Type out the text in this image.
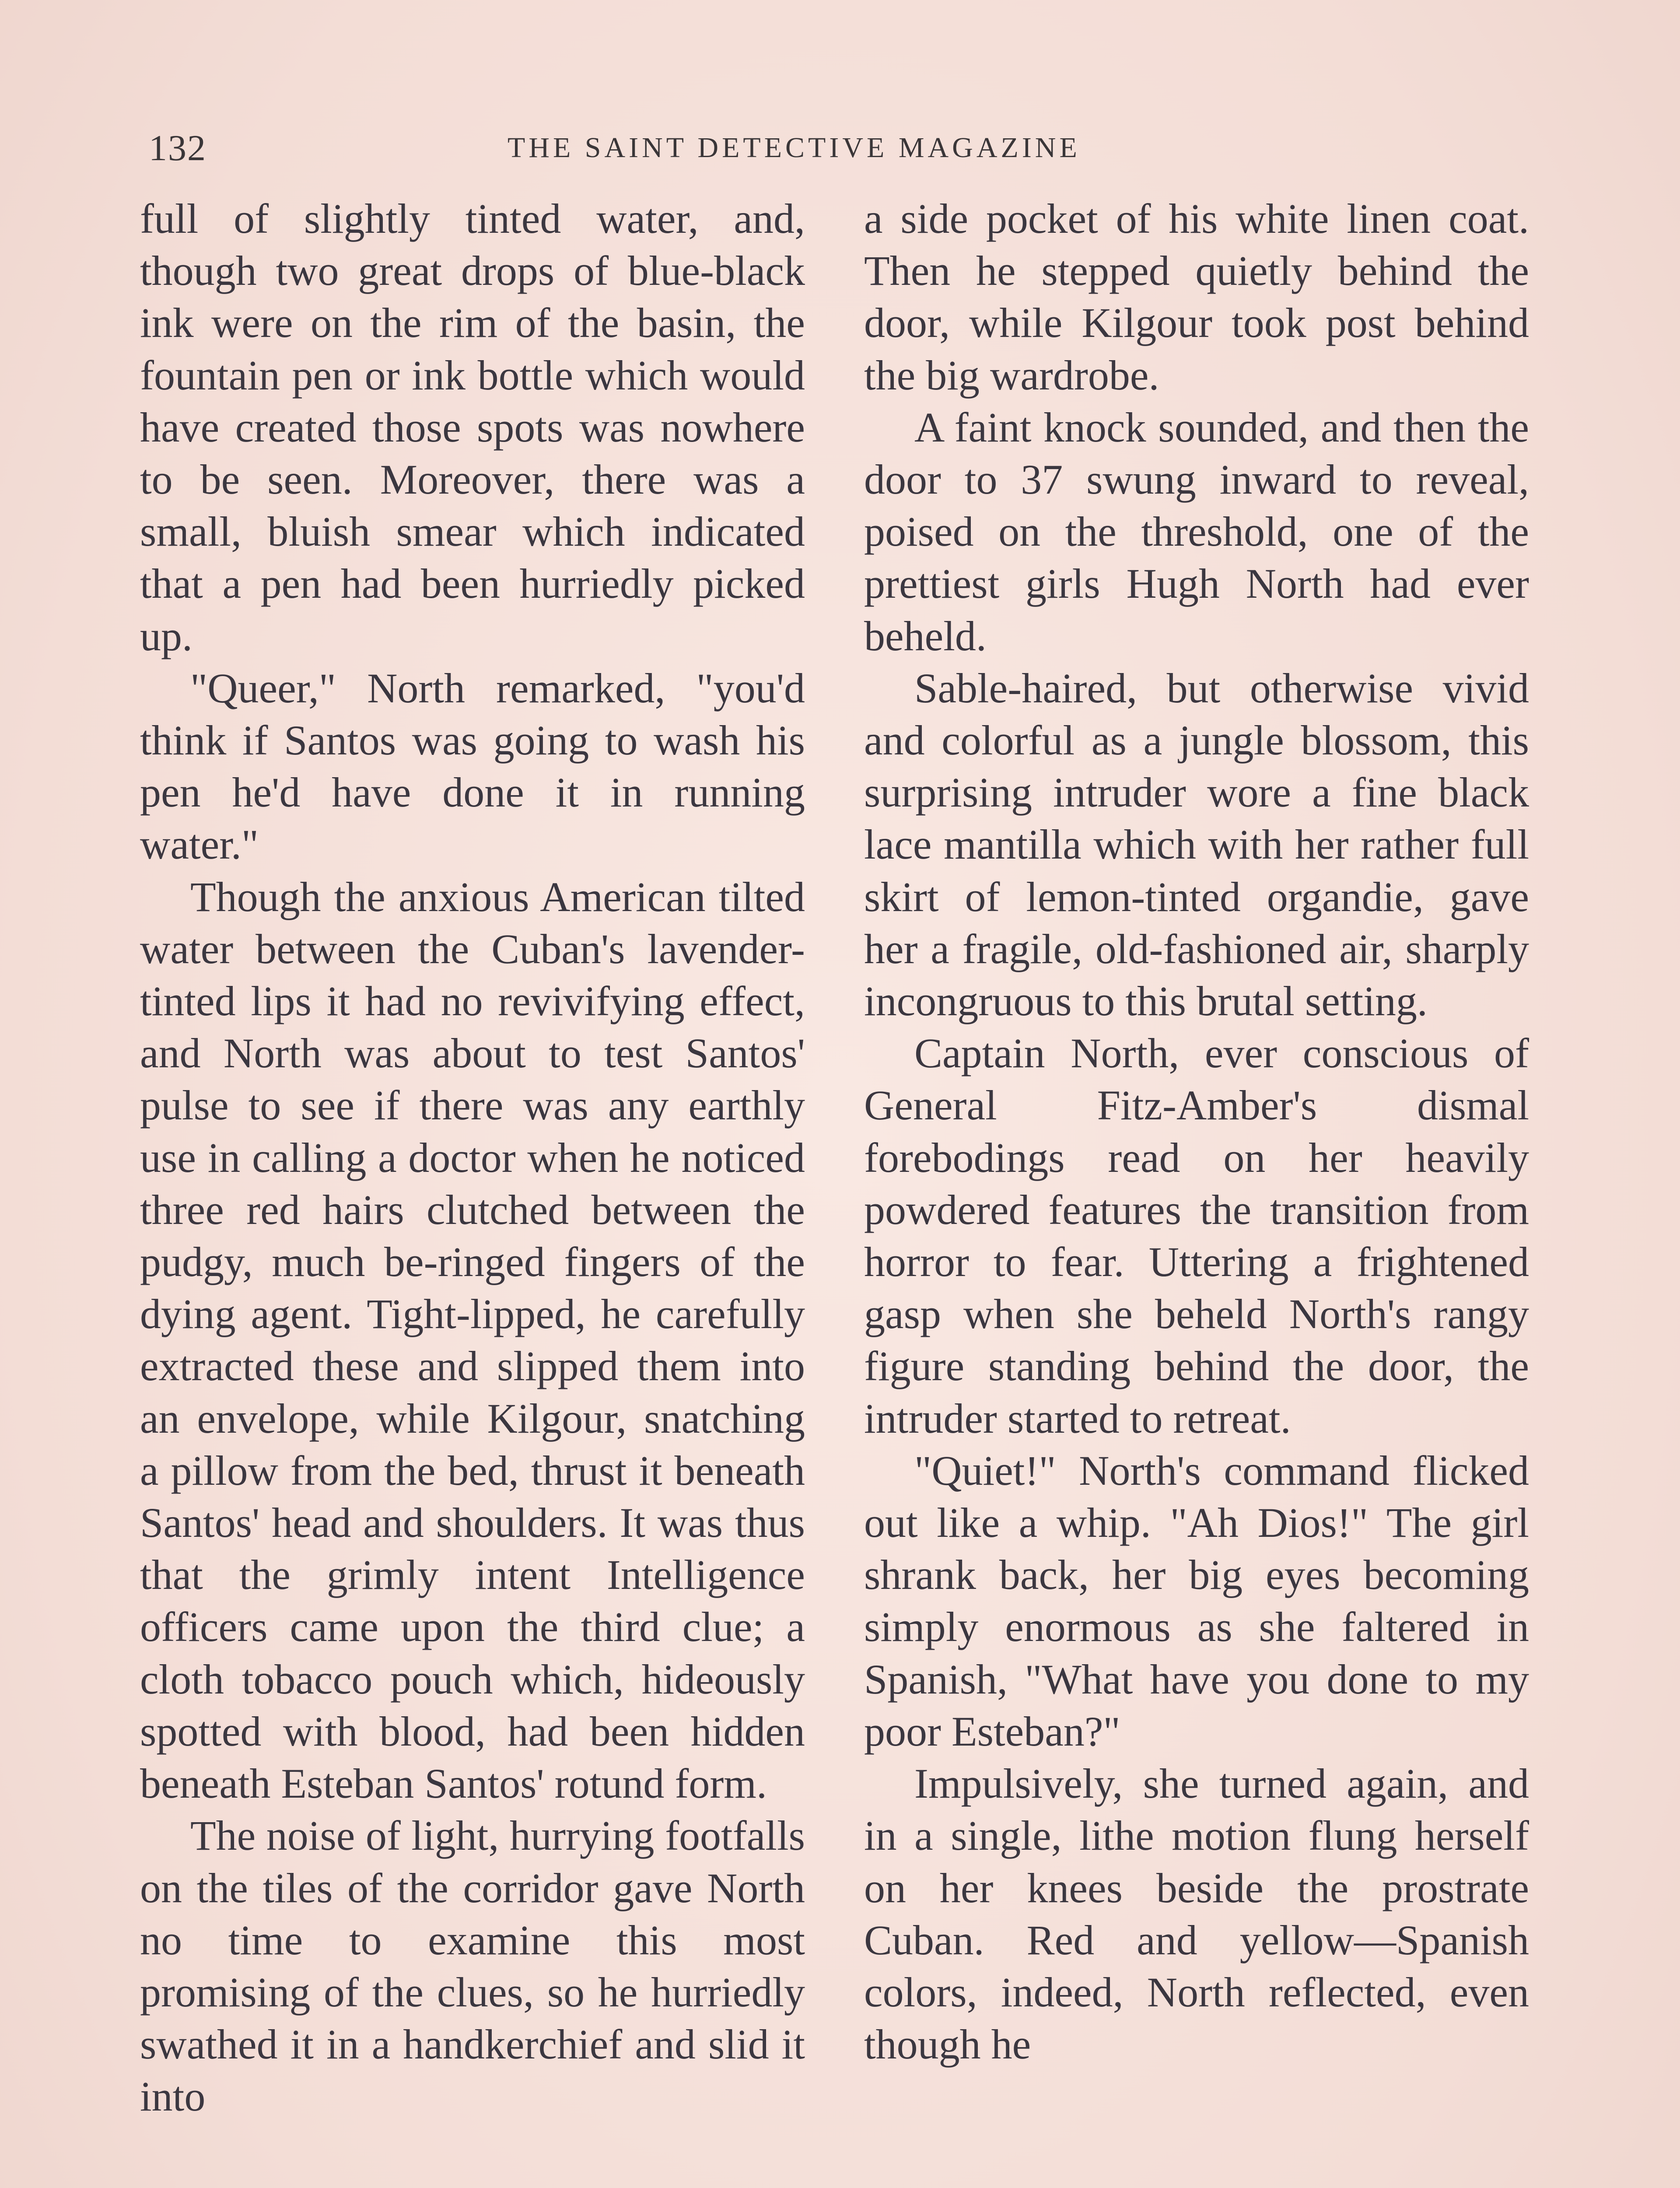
132	THE SAINT DETECTIVE MAGAZINE

full of slightly tinted water, and, though two great drops of blue-black ink were on the rim of the basin, the fountain pen or ink bottle which would have created those spots was nowhere to be seen. Moreover, there was a small, bluish smear which indicated that a pen had been hurriedly picked up.

"Queer," North remarked, "you'd think if Santos was going to wash his pen he'd have done it in running water."

Though the anxious American tilted water between the Cuban's lavender-tinted lips it had no revivifying effect, and North was about to test Santos' pulse to see if there was any earthly use in calling a doctor when he noticed three red hairs clutched between the pudgy, much be-ringed fingers of the dying agent. Tight-lipped, he carefully extracted these and slipped them into an envelope, while Kilgour, snatching a pillow from the bed, thrust it beneath Santos' head and shoulders. It was thus that the grimly intent Intelligence officers came upon the third clue; a cloth tobacco pouch which, hideously spotted with blood, had been hidden beneath Esteban Santos' rotund form.

The noise of light, hurrying footfalls on the tiles of the corridor gave North no time to examine this most promising of the clues, so he hurriedly swathed it in a handkerchief and slid it into

a side pocket of his white linen coat. Then he stepped quietly behind the door, while Kilgour took post behind the big wardrobe.

A faint knock sounded, and then the door to 37 swung inward to reveal, poised on the threshold, one of the prettiest girls Hugh North had ever beheld.

Sable-haired, but otherwise vivid and colorful as a jungle blossom, this surprising intruder wore a fine black lace mantilla which with her rather full skirt of lemon-tinted organdie, gave her a fragile, old-fashioned air, sharply incongruous to this brutal setting.

Captain North, ever conscious of General Fitz-Amber's dismal forebodings read on her heavily powdered features the transition from horror to fear. Uttering a frightened gasp when she beheld North's rangy figure standing behind the door, the intruder started to retreat.

"Quiet!" North's command flicked out like a whip. "Ah Dios!" The girl shrank back, her big eyes becoming simply enormous as she faltered in Spanish, "What have you done to my poor Esteban?"

Impulsively, she turned again, and in a single, lithe motion flung herself on her knees beside the prostrate Cuban. Red and yellow—Spanish colors, indeed, North reflected, even though he
